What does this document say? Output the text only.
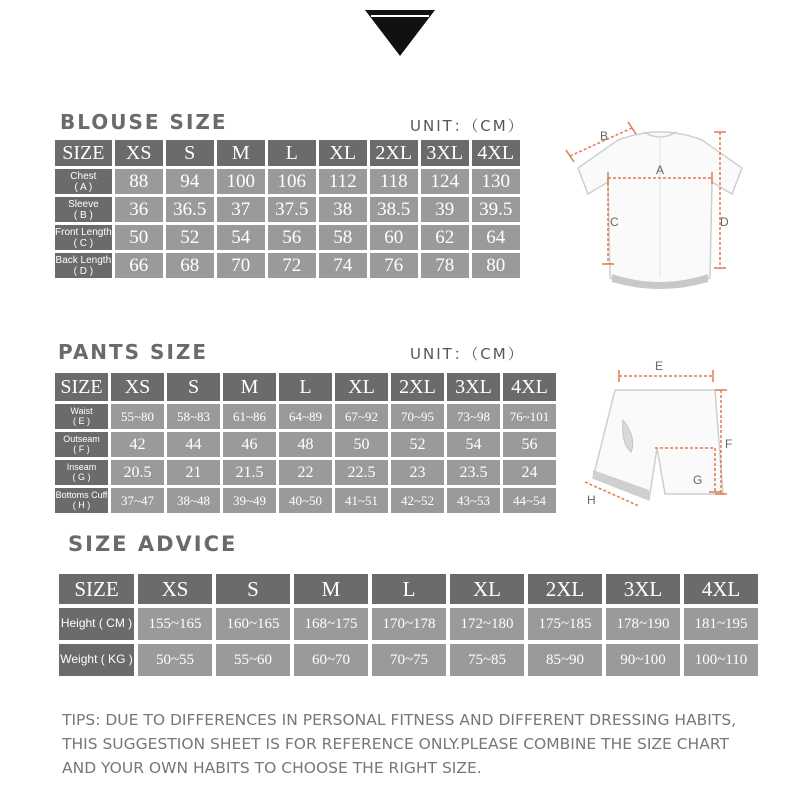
BLOUSE SIZE	UNIT：（CM）
SIZE	XS	S	M	L	XL	2XL	3XL	4XL

Chest
( A )	88	94	100	106	112	118	124	130

Sleeve
( B )	36	36.5	37	37.5	38	38.5	39	39.5

Front Length
( C )	50	52	54	56	58	60	62	64

Back Length
( D )	66	68	70	72	74	76	78	80
B
A
C	D
PANTS SIZE	UNIT：（CM）
SIZE	XS	S	M	L	XL	2XL	3XL	4XL

Waist
( E )	55~80	58~83	61~86	64~89	67~92	70~95	73~98	76~101

Outseam
( F )	42	44	46	48	50	52	54	56

Inseam
( G )	20.5	21	21.5	22	22.5	23	23.5	24

Bottoms Cuff
( H )	37~47	38~48	39~49	40~50	41~51	42~52	43~53	44~54
E
F
G
H
SIZE ADVICE
SIZE	XS	S	M	L	XL	2XL	3XL	4XL
Height ( CM )	155~165	160~165	168~175	170~178	172~180	175~185	178~190	181~195
Weight ( KG )	50~55	55~60	60~70	70~75	75~85	85~90	90~100	100~110

TIPS: DUE TO DIFFERENCES IN PERSONAL FITNESS AND DIFFERENT DRESSING HABITS, THIS SUGGESTION SHEET IS FOR REFERENCE ONLY.PLEASE COMBINE THE SIZE CHART AND YOUR OWN HABITS TO CHOOSE THE RIGHT SIZE.
